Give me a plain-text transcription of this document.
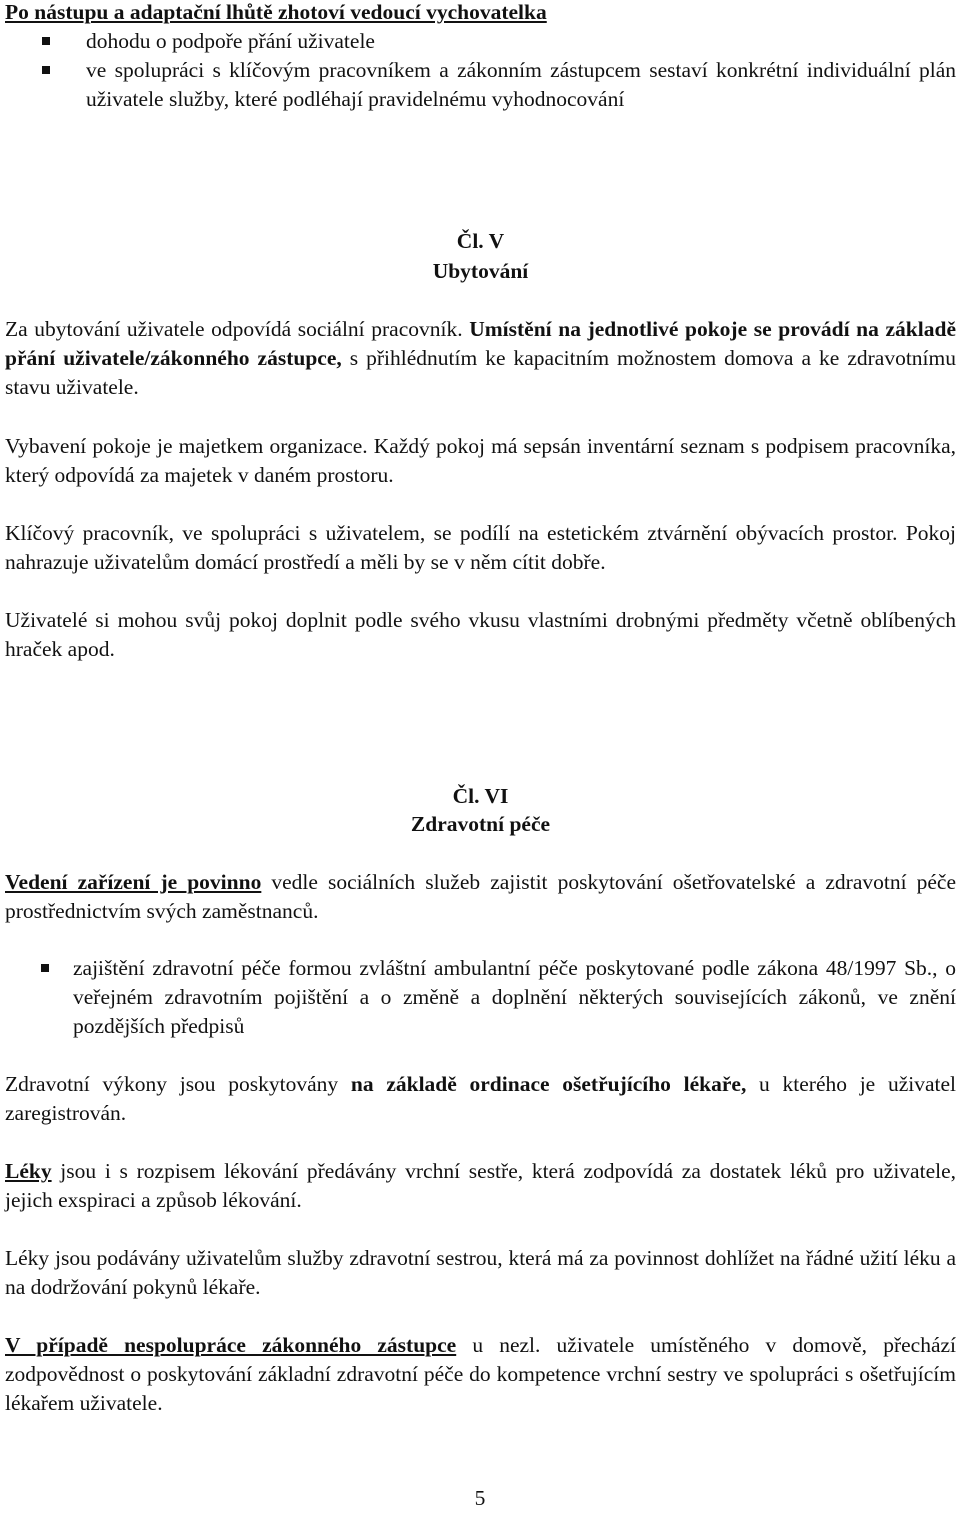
Po nástupu a adaptační lhůtě zhotoví vedoucí vychovatelka

dohodu o podpoře přání uživatele

ve spolupráci s klíčovým pracovníkem a zákonním zástupcem sestaví konkrétní individuální plán uživatele služby, které podléhají pravidelnému vyhodnocování

Čl. V
Ubytování

Za ubytování uživatele odpovídá sociální pracovník. Umístění na jednotlivé pokoje se provádí na základě přání uživatele/zákonného zástupce, s přihlédnutím ke kapacitním možnostem domova a ke zdravotnímu stavu uživatele.

Vybavení pokoje je majetkem organizace. Každý pokoj má sepsán inventární seznam s podpisem pracovníka, který odpovídá za majetek v daném prostoru.

Klíčový pracovník, ve spolupráci s uživatelem, se podílí na estetickém ztvárnění obývacích prostor. Pokoj nahrazuje uživatelům domácí prostředí a měli by se v něm cítit dobře.

Uživatelé si mohou svůj pokoj doplnit podle svého vkusu vlastními drobnými předměty včetně oblíbených hraček apod.

Čl. VI
Zdravotní péče

Vedení zařízení je povinno vedle sociálních služeb zajistit poskytování ošetřovatelské a zdravotní péče prostřednictvím svých zaměstnanců.

zajištění zdravotní péče formou zvláštní ambulantní péče poskytované podle zákona 48/1997 Sb., o veřejném zdravotním pojištění a o změně a doplnění některých souvisejících zákonů, ve znění pozdějších předpisů

Zdravotní výkony jsou poskytovány na základě ordinace ošetřujícího lékaře, u kterého je uživatel zaregistrován.

Léky jsou i s rozpisem lékování předávány vrchní sestře, která zodpovídá za dostatek léků pro uživatele, jejich exspiraci a způsob lékování.

Léky jsou podávány uživatelům služby zdravotní sestrou, která má za povinnost dohlížet na řádné užití léku a na dodržování pokynů lékaře.

V případě nespolupráce zákonného zástupce u nezl. uživatele umístěného v domově, přechází zodpovědnost o poskytování základní zdravotní péče do kompetence vrchní sestry ve spolupráci s ošetřujícím lékařem uživatele.

5
